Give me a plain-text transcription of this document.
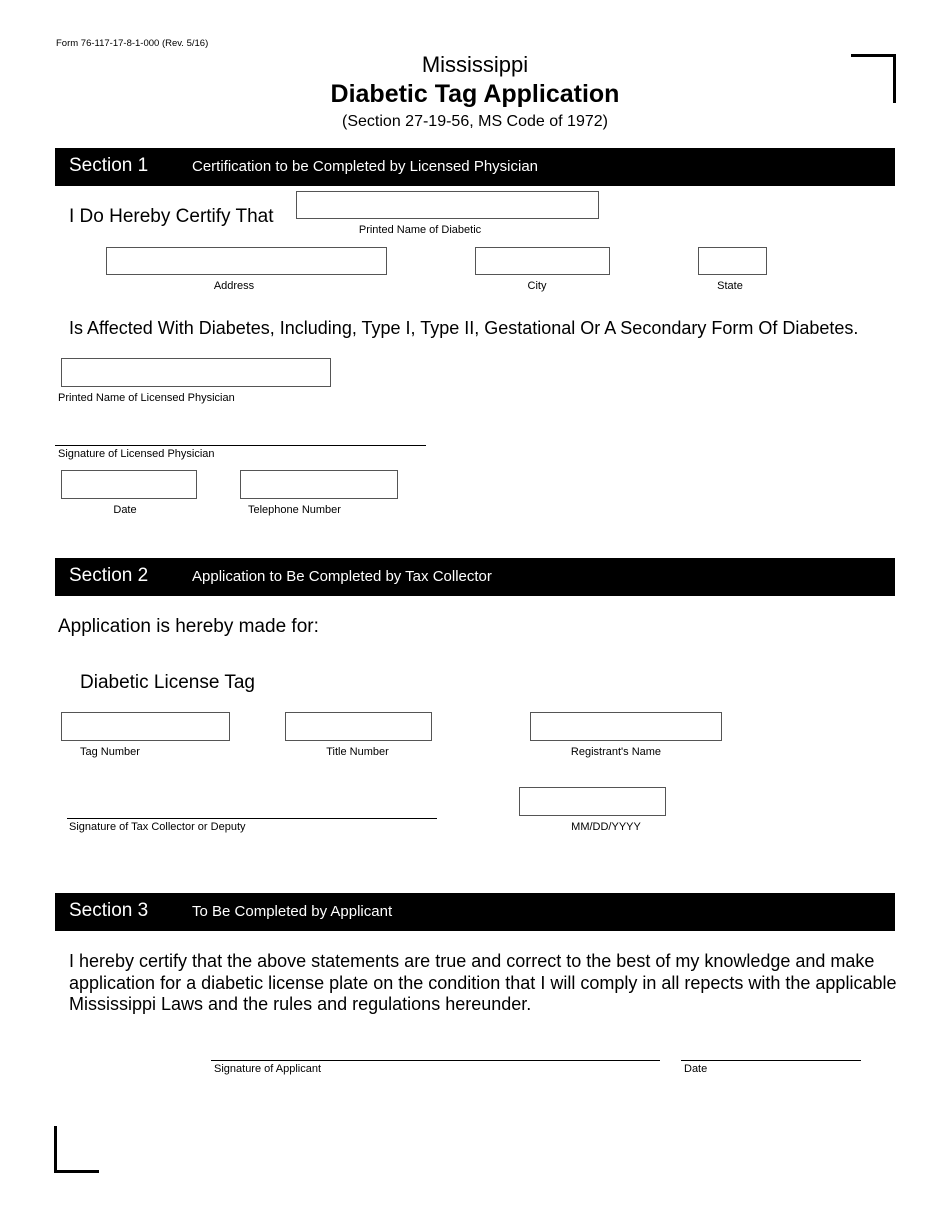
Form 76-117-17-8-1-000 (Rev. 5/16)
Mississippi
Diabetic Tag Application
(Section 27-19-56, MS Code of 1972)
Section 1	Certification to be Completed by Licensed Physician
I Do Hereby Certify That
Printed Name of Diabetic
Address	City	State
Is Affected With Diabetes, Including, Type I, Type II, Gestational Or A Secondary Form Of Diabetes.
Printed Name of Licensed Physician
Signature of Licensed Physician
Date	Telephone Number
Section 2	Application to Be Completed by Tax Collector
Application is hereby made for:
Diabetic License Tag
Tag Number	Title Number	Registrant's Name
Signature of Tax Collector or Deputy	MM/DD/YYYY
Section 3	To Be Completed by Applicant
I hereby certify that the above statements are true and correct to the best of my knowledge and make application for a diabetic license plate on the condition that I will comply in all repects with the applicable Mississippi Laws and the rules and regulations hereunder.
Signature of Applicant	Date
